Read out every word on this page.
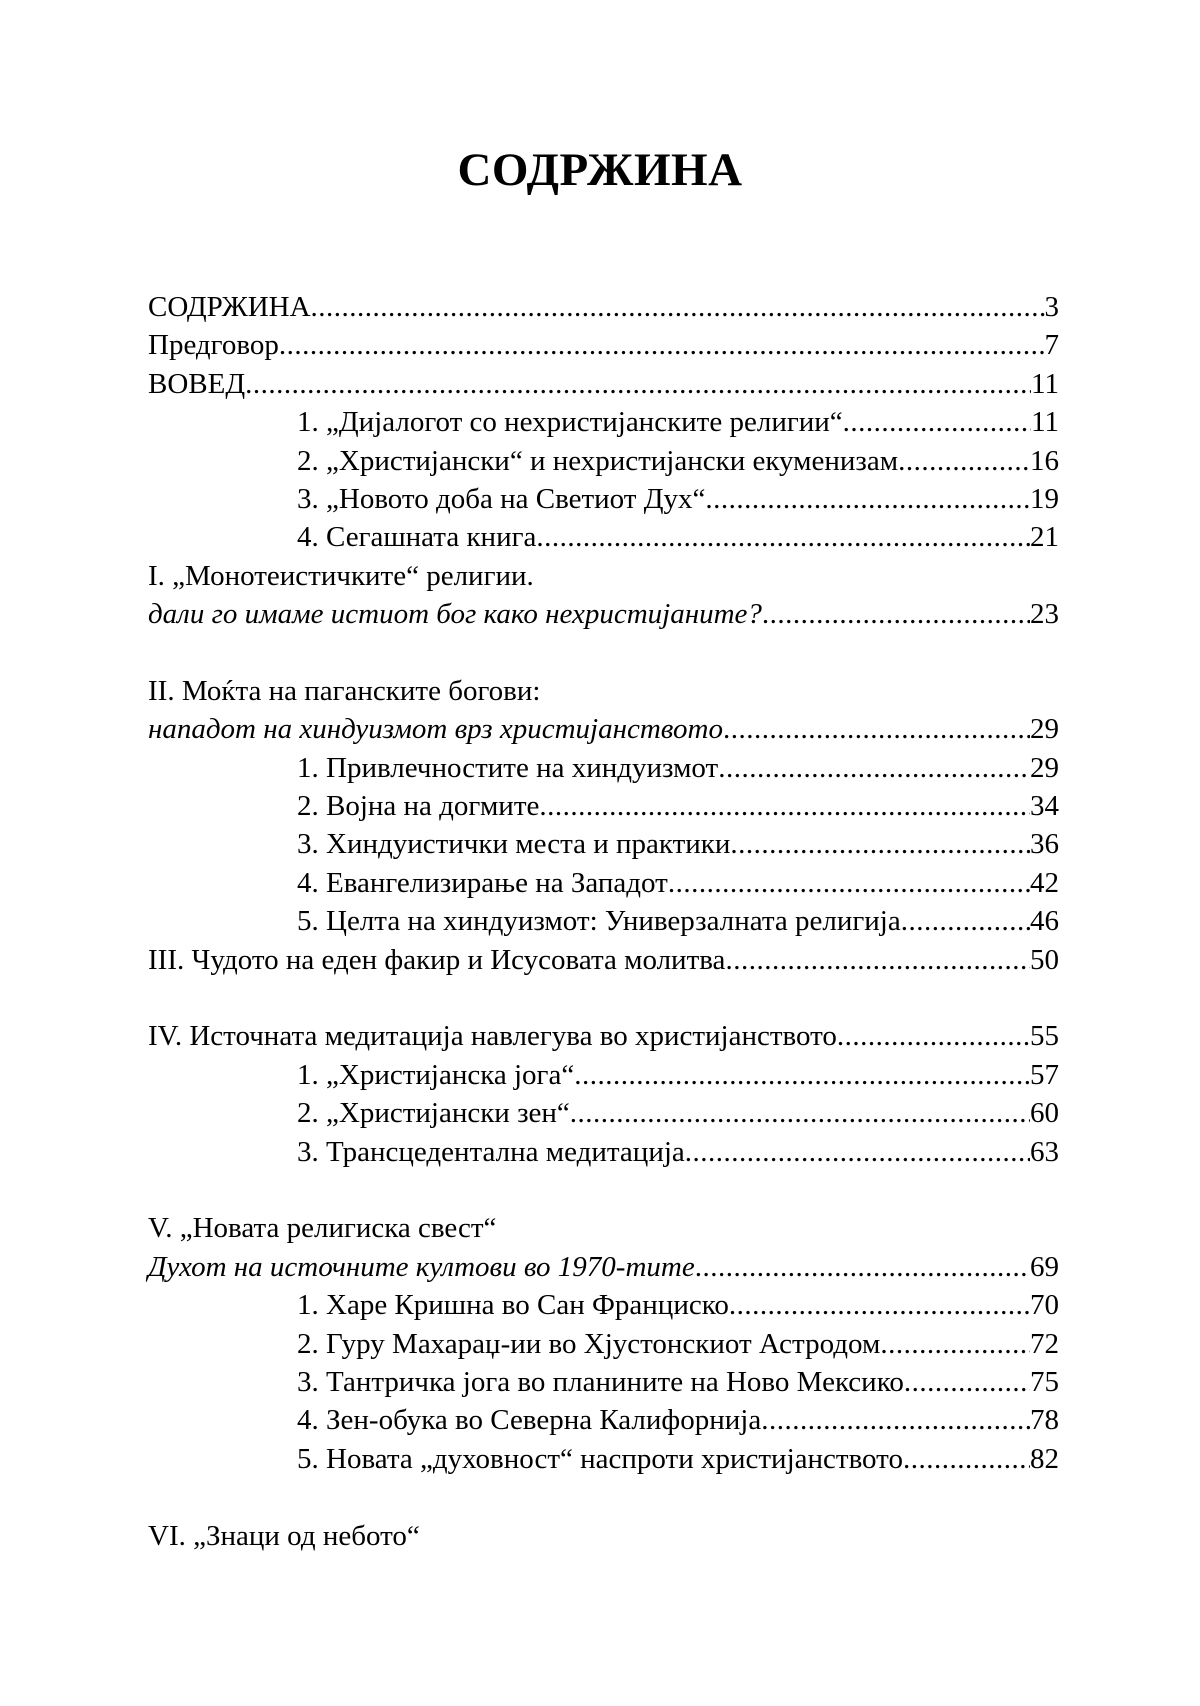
СОДРЖИНА
СОДРЖИНА .....	3
Предговор .....	7
ВОВЕД .....	11
1. „Дијалогот со нехристијанските религии“ .....	11
2. „Христијански“ и нехристијански екуменизам .....	16
3. „Новото доба на Светиот Дух“ .....	19
4. Сегашната книга .....	21
I. „Монотеистичките“ религии.
дали го имаме истиот бог како нехристијаните? .....	23
II. Моќта на паганските богови:
нападот на хиндуизмот врз христијанството .....	29
1. Привлечностите на хиндуизмот .....	29
2. Војна на догмите .....	34
3. Хиндуистички места и практики .....	36
4. Евангелизирање на Западот .....	42
5. Целта на хиндуизмот: Универзалната религија .....	46
III. Чудото на еден факир и Исусовата молитва .....	50
IV. Источната медитација навлегува во христијанството .....	55
1. „Христијанска јога“ .....	57
2. „Христијански зен“ .....	60
3. Трансцедентална медитација .....	63
V. „Новата религиска свест“
Духот на источните култови во 1970-тите .....	69
1. Харе Кришна во Сан Франциско .....	70
2. Гуру Махараџ-ии во Хјустонскиот Астродом .....	72
3. Тантричка јога во планините на Ново Мексико .....	75
4. Зен-обука во Северна Калифорнија .....	78
5. Новата „духовност“ наспроти христијанството .....	82
VI. „Знаци од небото“
